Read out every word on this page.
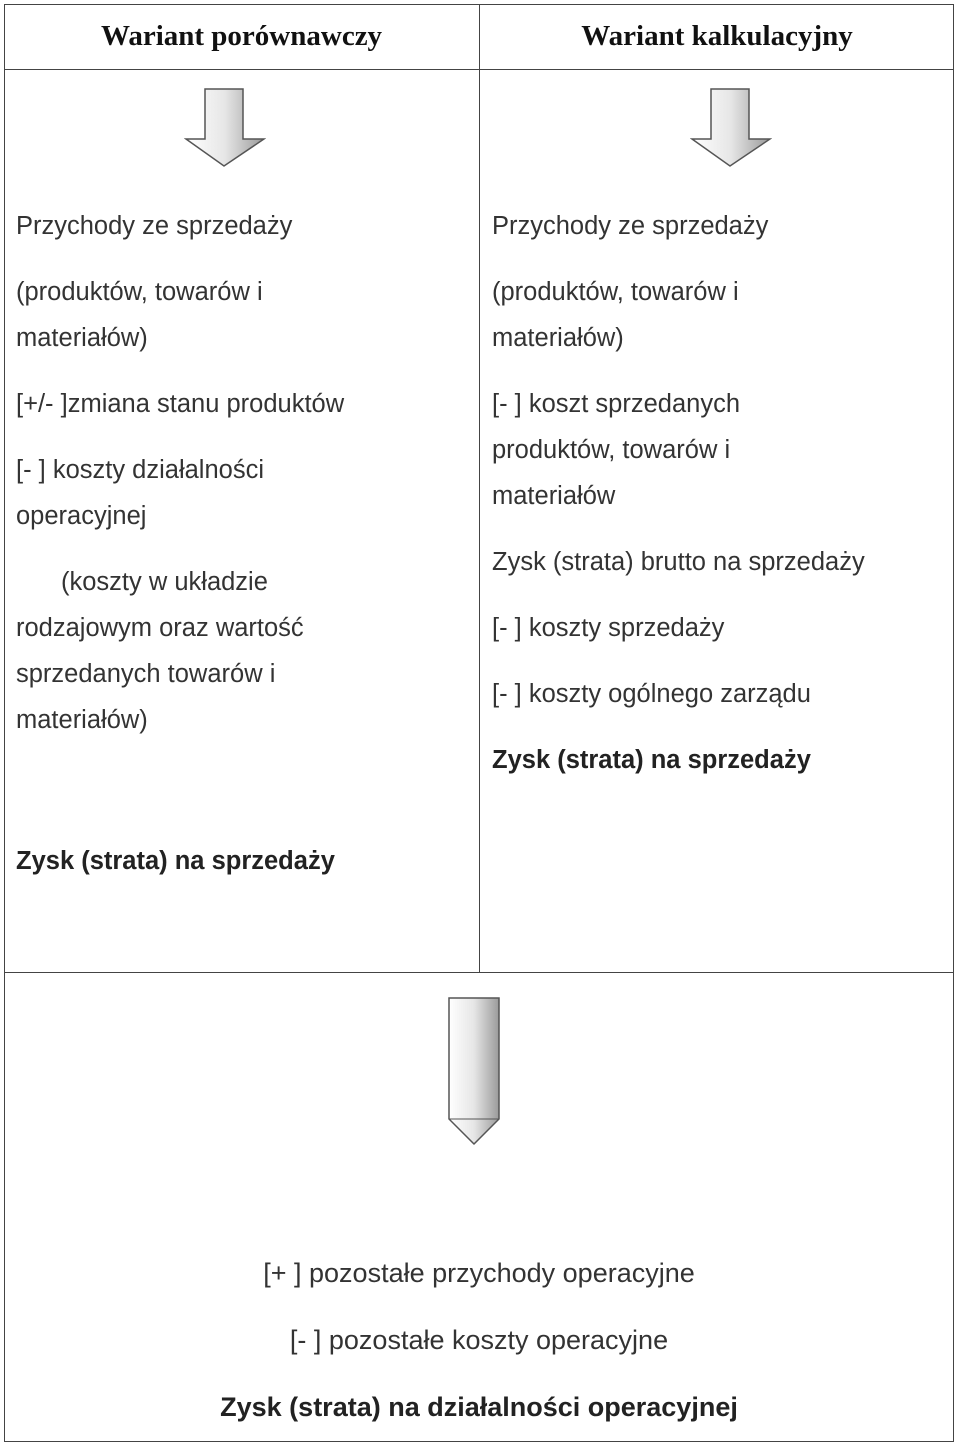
Wariant porównawczy	Wariant kalkulacyjny

Przychody ze sprzedaży

(produktów, towarów i

materiałów)

[+/- ]zmiana stanu produktów

[- ] koszty działalności

operacyjnej

(koszty w układzie

rodzajowym oraz wartość

sprzedanych towarów i

materiałów)

Zysk (strata) na sprzedaży

Przychody ze sprzedaży

(produktów, towarów i

materiałów)

[- ] koszt sprzedanych

produktów, towarów i

materiałów

Zysk (strata) brutto na sprzedaży

[- ] koszty sprzedaży

[- ] koszty ogólnego zarządu

Zysk (strata) na sprzedaży

[+ ] pozostałe przychody operacyjne

[- ] pozostałe koszty operacyjne

Zysk (strata) na działalności operacyjnej
